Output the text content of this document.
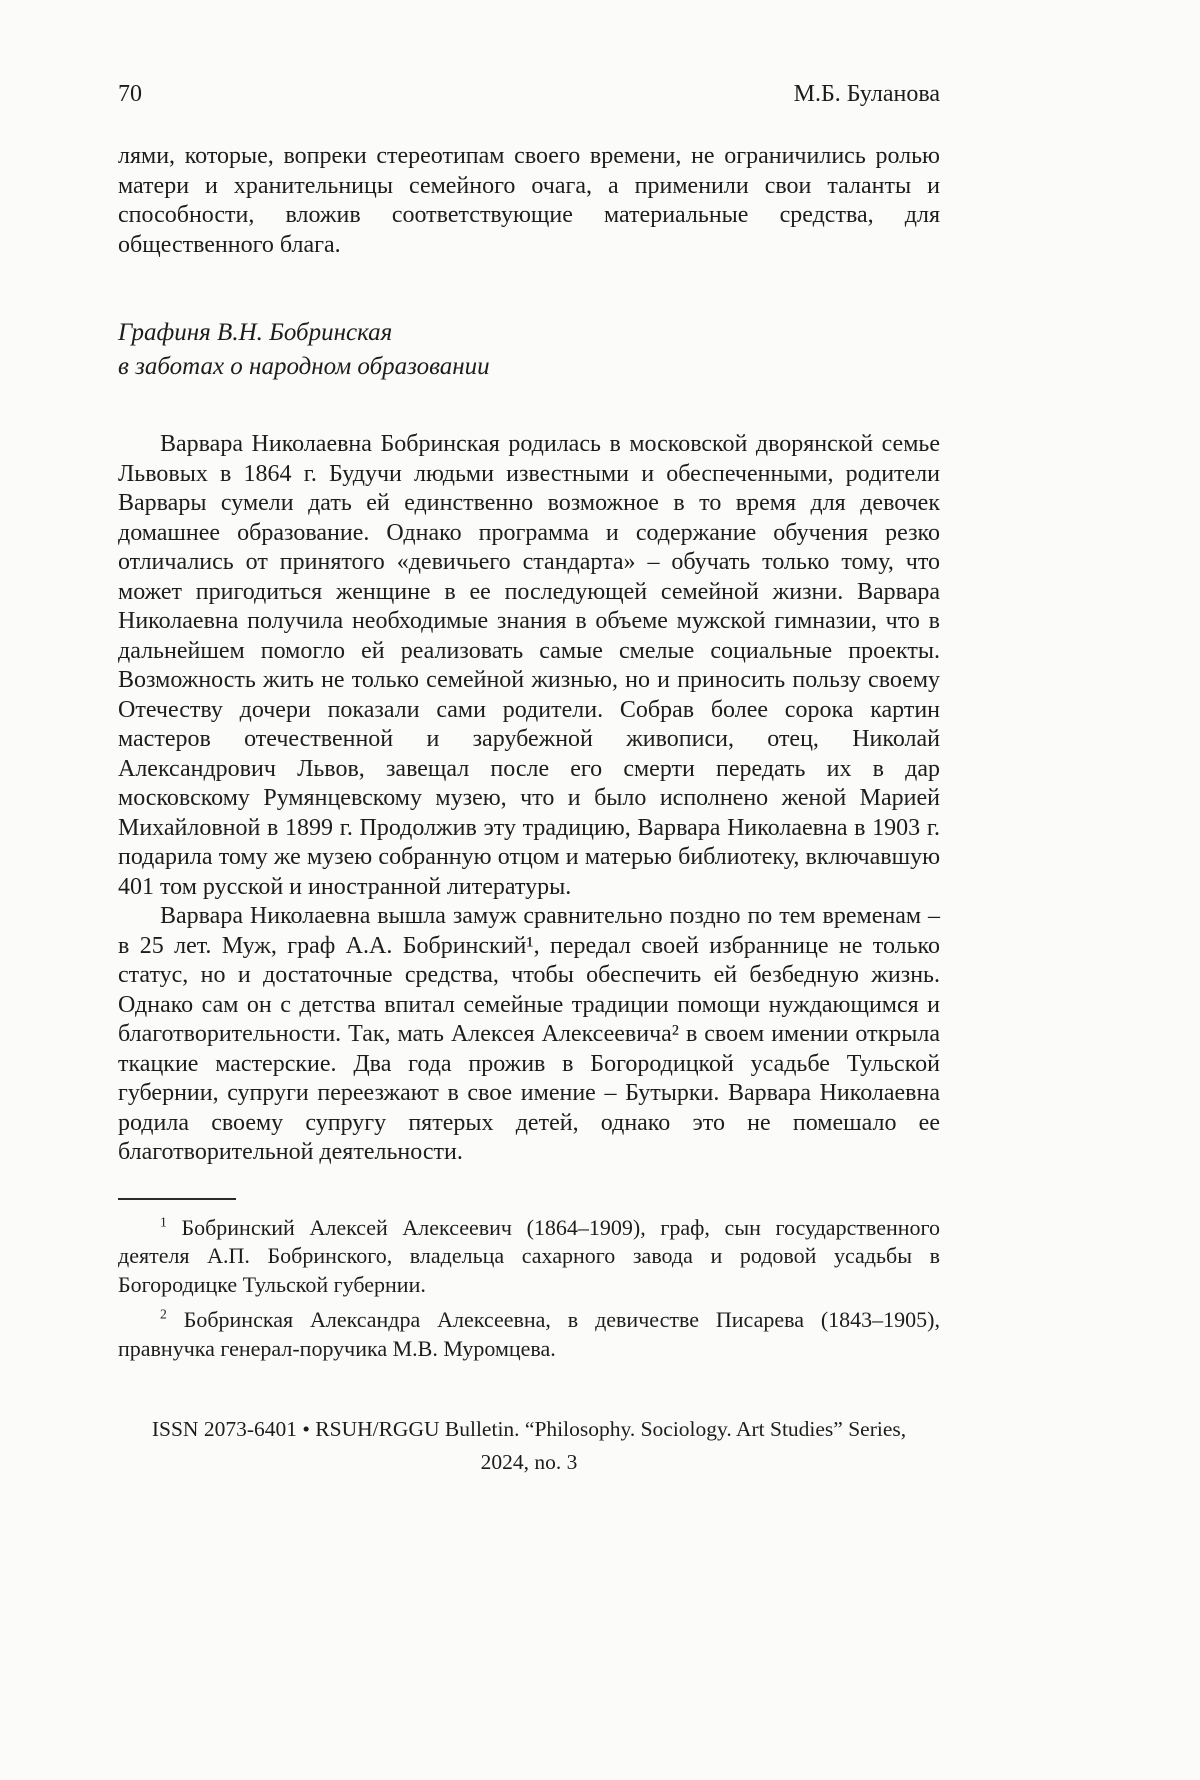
70	М.Б. Буланова

лями, которые, вопреки стереотипам своего времени, не ограничились ролью матери и хранительницы семейного очага, а применили свои таланты и способности, вложив соответствующие материальные средства, для общественного блага.

Графиня В.Н. Бобринская
в заботах о народном образовании

Варвара Николаевна Бобринская родилась в московской дворянской семье Львовых в 1864 г. Будучи людьми известными и обеспеченными, родители Варвары сумели дать ей единственно возможное в то время для девочек домашнее образование. Однако программа и содержание обучения резко отличались от принятого «девичьего стандарта» – обучать только тому, что может пригодиться женщине в ее последующей семейной жизни. Варвара Николаевна получила необходимые знания в объеме мужской гимназии, что в дальнейшем помогло ей реализовать самые смелые социальные проекты. Возможность жить не только семейной жизнью, но и приносить пользу своему Отечеству дочери показали сами родители. Собрав более сорока картин мастеров отечественной и зарубежной живописи, отец, Николай Александрович Львов, завещал после его смерти передать их в дар московскому Румянцевскому музею, что и было исполнено женой Марией Михайловной в 1899 г. Продолжив эту традицию, Варвара Николаевна в 1903 г. подарила тому же музею собранную отцом и матерью библиотеку, включавшую 401 том русской и иностранной литературы.

Варвара Николаевна вышла замуж сравнительно поздно по тем временам – в 25 лет. Муж, граф А.А. Бобринский¹, передал своей избраннице не только статус, но и достаточные средства, чтобы обеспечить ей безбедную жизнь. Однако сам он с детства впитал семейные традиции помощи нуждающимся и благотворительности. Так, мать Алексея Алексеевича² в своем имении открыла ткацкие мастерские. Два года прожив в Богородицкой усадьбе Тульской губернии, супруги переезжают в свое имение – Бутырки. Варвара Николаевна родила своему супругу пятерых детей, однако это не помешало ее благотворительной деятельности.

$^1$ Бобринский Алексей Алексеевич (1864–1909), граф, сын государственного деятеля А.П. Бобринского, владельца сахарного завода и родовой усадьбы в Богородицке Тульской губернии.

$^2$ Бобринская Александра Алексеевна, в девичестве Писарева (1843–1905), правнучка генерал-поручика М.В. Муромцева.

ISSN 2073-6401 • RSUH/RGGU Bulletin. “Philosophy. Sociology. Art Studies” Series,
2024, no. 3
